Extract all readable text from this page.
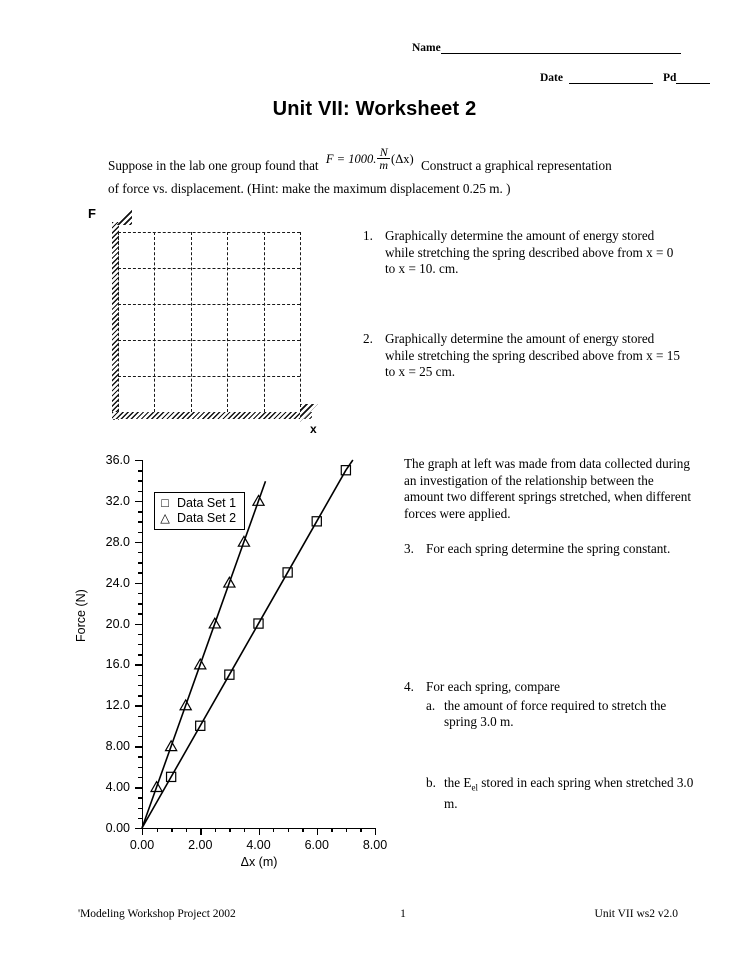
Name
Date	Pd
Unit VII: Worksheet 2
Suppose in the lab one group found that F = 1000. $\frac{N}{m} (\Delta x)$ Construct a graphical representation
of force vs. displacement. (Hint: make the maximum displacement 0.25 m. )
F
x
1. Graphically determine the amount of energy stored while stretching the spring described above from x = 0 to x = 10. cm.
2. Graphically determine the amount of energy stored while stretching the spring described above from x = 15 to x = 25 cm.
The graph at left was made from data collected during an investigation of the relationship between the amount two different springs stretched, when different forces were applied.
3. For each spring determine the spring constant.
4. For each spring, compare
a. the amount of force required to stretch the spring 3.0 m.
b. the $E_{el}$ stored in each spring when stretched 3.0 m.
Force (N)
0.00
4.00
8.00
12.0
16.0
20.0
24.0
28.0
32.0
36.0
0.00	2.00	4.00	6.00	8.00
□ Data Set 1
△ Data Set 2
Δx (m)
'Modeling Workshop Project 2002	1	Unit VII ws2 v2.0
